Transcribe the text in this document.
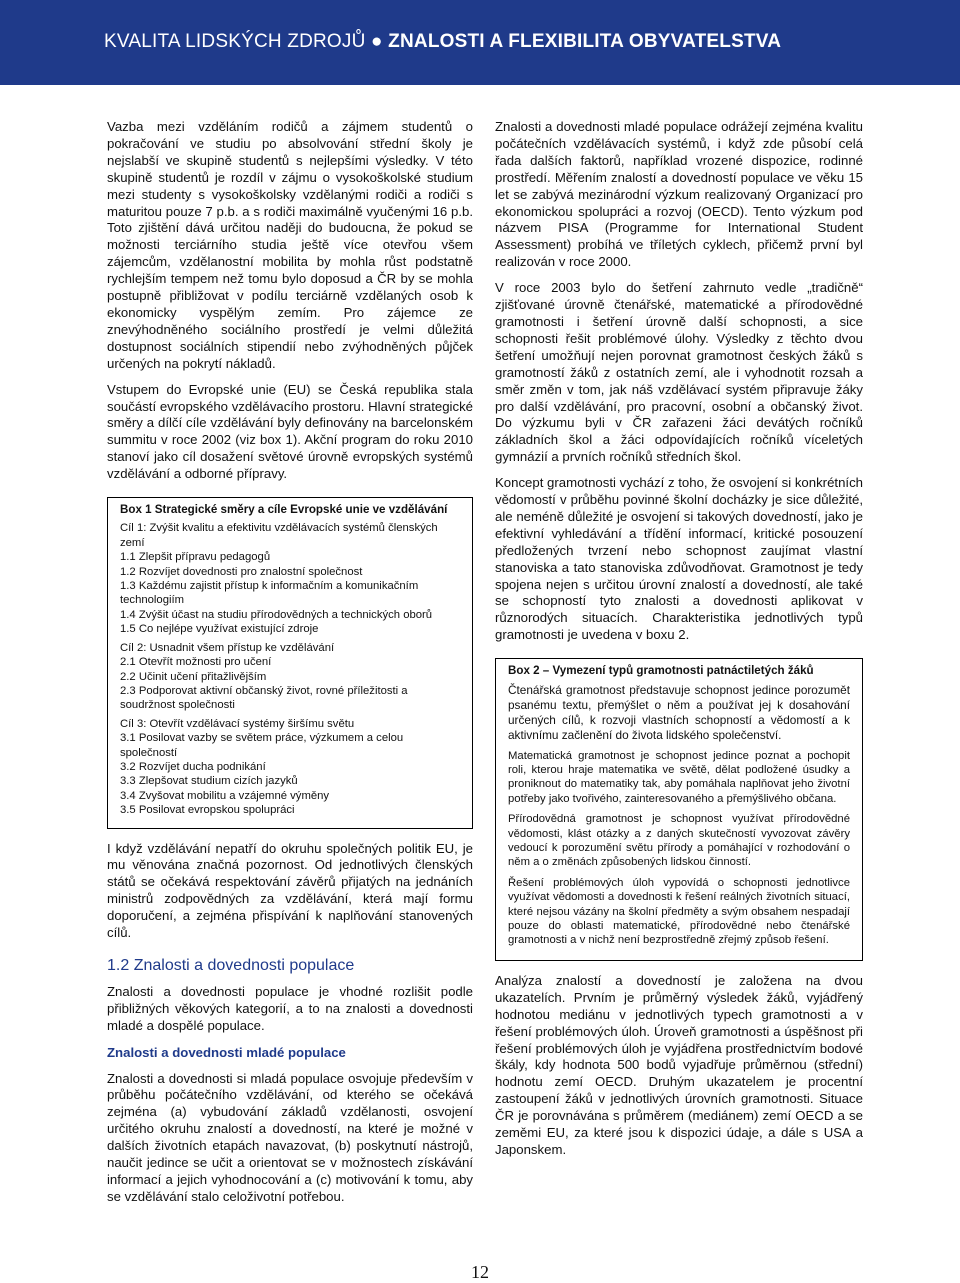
KVALITA LIDSKÝCH ZDROJŮ ● ZNALOSTI A FLEXIBILITA OBYVATELSTVA

Vazba mezi vzděláním rodičů a zájmem studentů o pokračování ve studiu po absolvování střední školy je nejslabší ve skupině studentů s nejlepšími výsledky. V této skupině studentů je rozdíl v zájmu o vysokoškolské studium mezi studenty s vysokoškolsky vzdělanými rodiči a rodiči s maturitou pouze 7 p.b. a s rodiči maximálně vyučenými 16 p.b. Toto zjištění dává určitou naději do budoucna, že pokud se možnosti terciárního studia ještě více otevřou všem zájemcům, vzdělanostní mobilita by mohla růst podstatně rychlejším tempem než tomu bylo doposud a ČR by se mohla postupně přibližovat v podílu terciárně vzdělaných osob k ekonomicky vyspělým zemím. Pro zájemce ze znevýhodněného sociálního prostředí je velmi důležitá dostupnost sociálních stipendií nebo zvýhodněných půjček určených na pokrytí nákladů.

Vstupem do Evropské unie (EU) se Česká republika stala součástí evropského vzdělávacího prostoru. Hlavní strategické směry a dílčí cíle vzdělávání byly definovány na barcelonském summitu v roce 2002 (viz box 1). Akční program do roku 2010 stanoví jako cíl dosažení světové úrovně evropských systémů vzdělávání a odborné přípravy.

Box 1 Strategické směry a cíle Evropské unie ve vzdělávání
Cíl 1: Zvýšit kvalitu a efektivitu vzdělávacích systémů členských zemí
1.1 Zlepšit přípravu pedagogů
1.2 Rozvíjet dovednosti pro znalostní společnost
1.3 Každému zajistit přístup k informačním a komunikačním technologiím
1.4 Zvýšit účast na studiu přírodovědných a technických oborů
1.5 Co nejlépe využívat existující zdroje
Cíl 2: Usnadnit všem přístup ke vzdělávání
2.1 Otevřít možnosti pro učení
2.2 Učinit učení přitažlivějším
2.3 Podporovat aktivní občanský život, rovné příležitosti a soudržnost společnosti
Cíl 3: Otevřít vzdělávací systémy širšímu světu
3.1 Posilovat vazby se světem práce, výzkumem a celou společností
3.2 Rozvíjet ducha podnikání
3.3 Zlepšovat studium cizích jazyků
3.4 Zvyšovat mobilitu a vzájemné výměny
3.5 Posilovat evropskou spolupráci

I když vzdělávání nepatří do okruhu společných politik EU, je mu věnována značná pozornost. Od jednotlivých členských států se očekává respektování závěrů přijatých na jednáních ministrů zodpovědných za vzdělávání, která mají formu doporučení, a zejména přispívání k naplňování stanovených cílů.

1.2 Znalosti a dovednosti populace

Znalosti a dovednosti populace je vhodné rozlišit podle přibližných věkových kategorií, a to na znalosti a dovednosti mladé a dospělé populace.

Znalosti a dovednosti mladé populace

Znalosti a dovednosti si mladá populace osvojuje především v průběhu počátečního vzdělávání, od kterého se očekává zejména (a) vybudování základů vzdělanosti, osvojení určitého okruhu znalostí a dovedností, na které je možné v dalších životních etapách navazovat, (b) poskytnutí nástrojů, naučit jedince se učit a orientovat se v možnostech získávání informací a jejich vyhodnocování a (c) motivování k tomu, aby se vzdělávání stalo celoživotní potřebou.

Znalosti a dovednosti mladé populace odrážejí zejména kvalitu počátečních vzdělávacích systémů, i když zde působí celá řada dalších faktorů, například vrozené dispozice, rodinné prostředí. Měřením znalostí a dovedností populace ve věku 15 let se zabývá mezinárodní výzkum realizovaný Organizací pro ekonomickou spolupráci a rozvoj (OECD). Tento výzkum pod názvem PISA (Programme for International Student Assessment) probíhá ve tříletých cyklech, přičemž první byl realizován v roce 2000.

V roce 2003 bylo do šetření zahrnuto vedle „tradičně“ zjišťované úrovně čtenářské, matematické a přírodovědné gramotnosti i šetření úrovně další schopnosti, a sice schopnosti řešit problémové úlohy. Výsledky z těchto dvou šetření umožňují nejen porovnat gramotnost českých žáků s gramotností žáků z ostatních zemí, ale i vyhodnotit rozsah a směr změn v tom, jak náš vzdělávací systém připravuje žáky pro další vzdělávání, pro pracovní, osobní a občanský život. Do výzkumu byli v ČR zařazeni žáci devátých ročníků základních škol a žáci odpovídajících ročníků víceletých gymnázií a prvních ročníků středních škol.

Koncept gramotnosti vychází z toho, že osvojení si konkrétních vědomostí v průběhu povinné školní docházky je sice důležité, ale neméně důležité je osvojení si takových dovedností, jako je efektivní vyhledávání a třídění informací, kritické posouzení předložených tvrzení nebo schopnost zaujímat vlastní stanoviska a tato stanoviska zdůvodňovat. Gramotnost je tedy spojena nejen s určitou úrovní znalostí a dovedností, ale také se schopností tyto znalosti a dovednosti aplikovat v různorodých situacích. Charakteristika jednotlivých typů gramotnosti je uvedena v boxu 2.

Box 2 – Vymezení typů gramotnosti patnáctiletých žáků

Čtenářská gramotnost představuje schopnost jedince porozumět psanému textu, přemýšlet o něm a používat jej k dosahování určených cílů, k rozvoji vlastních schopností a vědomostí a k aktivnímu začlenění do života lidského společenství.

Matematická gramotnost je schopnost jedince poznat a pochopit roli, kterou hraje matematika ve světě, dělat podložené úsudky a proniknout do matematiky tak, aby pomáhala naplňovat jeho životní potřeby jako tvořivého, zainteresovaného a přemýšlivého občana.

Přírodovědná gramotnost je schopnost využívat přírodovědné vědomosti, klást otázky a z daných skutečností vyvozovat závěry vedoucí k porozumění světu přírody a pomáhající v rozhodování o něm a o změnách způsobených lidskou činností.

Řešení problémových úloh vypovídá o schopnosti jednotlivce využívat vědomosti a dovednosti k řešení reálných životních situací, které nejsou vázány na školní předměty a svým obsahem nespadají pouze do oblasti matematické, přírodovědné nebo čtenářské gramotnosti a v nichž není bezprostředně zřejmý způsob řešení.

Analýza znalostí a dovedností je založena na dvou ukazatelích. Prvním je průměrný výsledek žáků, vyjádřený hodnotou mediánu v jednotlivých typech gramotnosti a v řešení problémových úloh. Úroveň gramotnosti a úspěšnost při řešení problémových úloh je vyjádřena prostřednictvím bodové škály, kdy hodnota 500 bodů vyjadřuje průměrnou (střední) hodnotu zemí OECD. Druhým ukazatelem je procentní zastoupení žáků v jednotlivých úrovních gramotnosti. Situace ČR je porovnávána s průměrem (mediánem) zemí OECD a se zeměmi EU, za které jsou k dispozici údaje, a dále s USA a Japonskem.

12
